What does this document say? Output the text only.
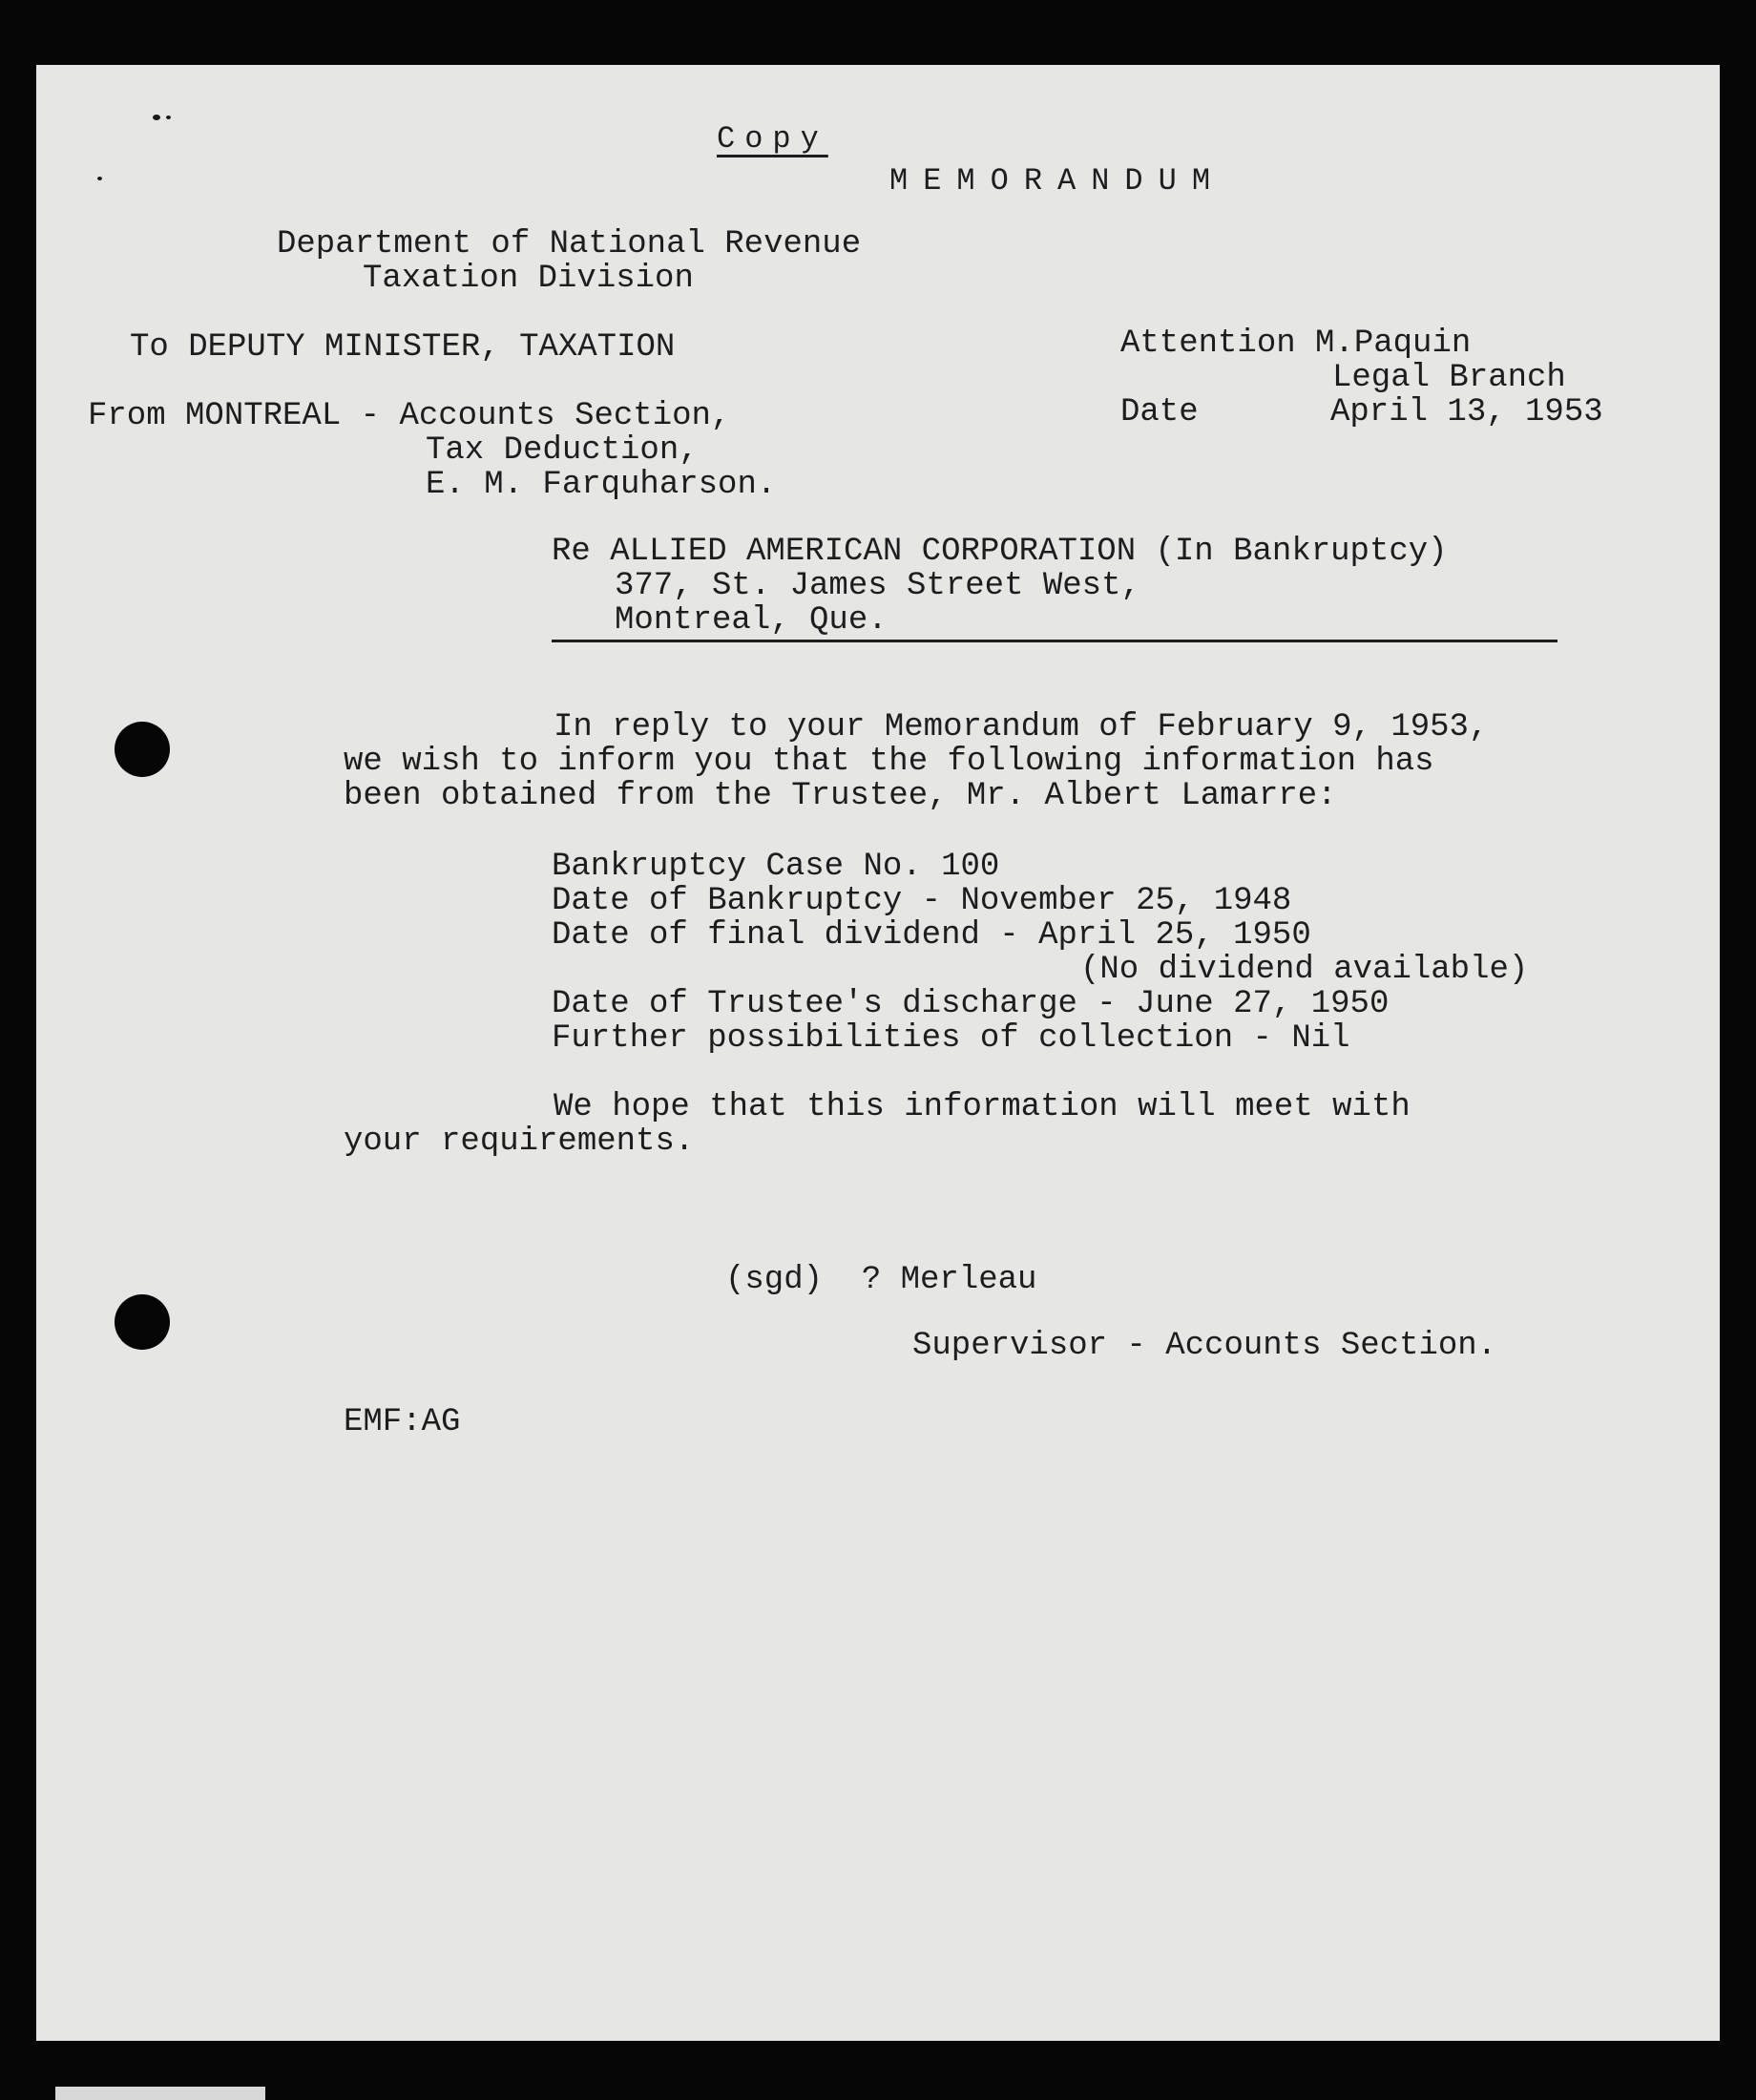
Copy
MEMORANDUM
Department of National Revenue
Taxation Division
To DEPUTY MINISTER, TAXATION	Attention M.Paquin
Legal Branch
From MONTREAL - Accounts Section,	Date	April 13, 1953
Tax Deduction,
E. M. Farquharson.
Re ALLIED AMERICAN CORPORATION (In Bankruptcy)
377, St. James Street West,
Montreal, Que.
In reply to your Memorandum of February 9, 1953,
we wish to inform you that the following information has
been obtained from the Trustee, Mr. Albert Lamarre:
Bankruptcy Case No. 100
Date of Bankruptcy - November 25, 1948
Date of final dividend - April 25, 1950
(No dividend available)
Date of Trustee's discharge - June 27, 1950
Further possibilities of collection - Nil
We hope that this information will meet with
your requirements.
(sgd)  ? Merleau
Supervisor - Accounts Section.
EMF:AG
